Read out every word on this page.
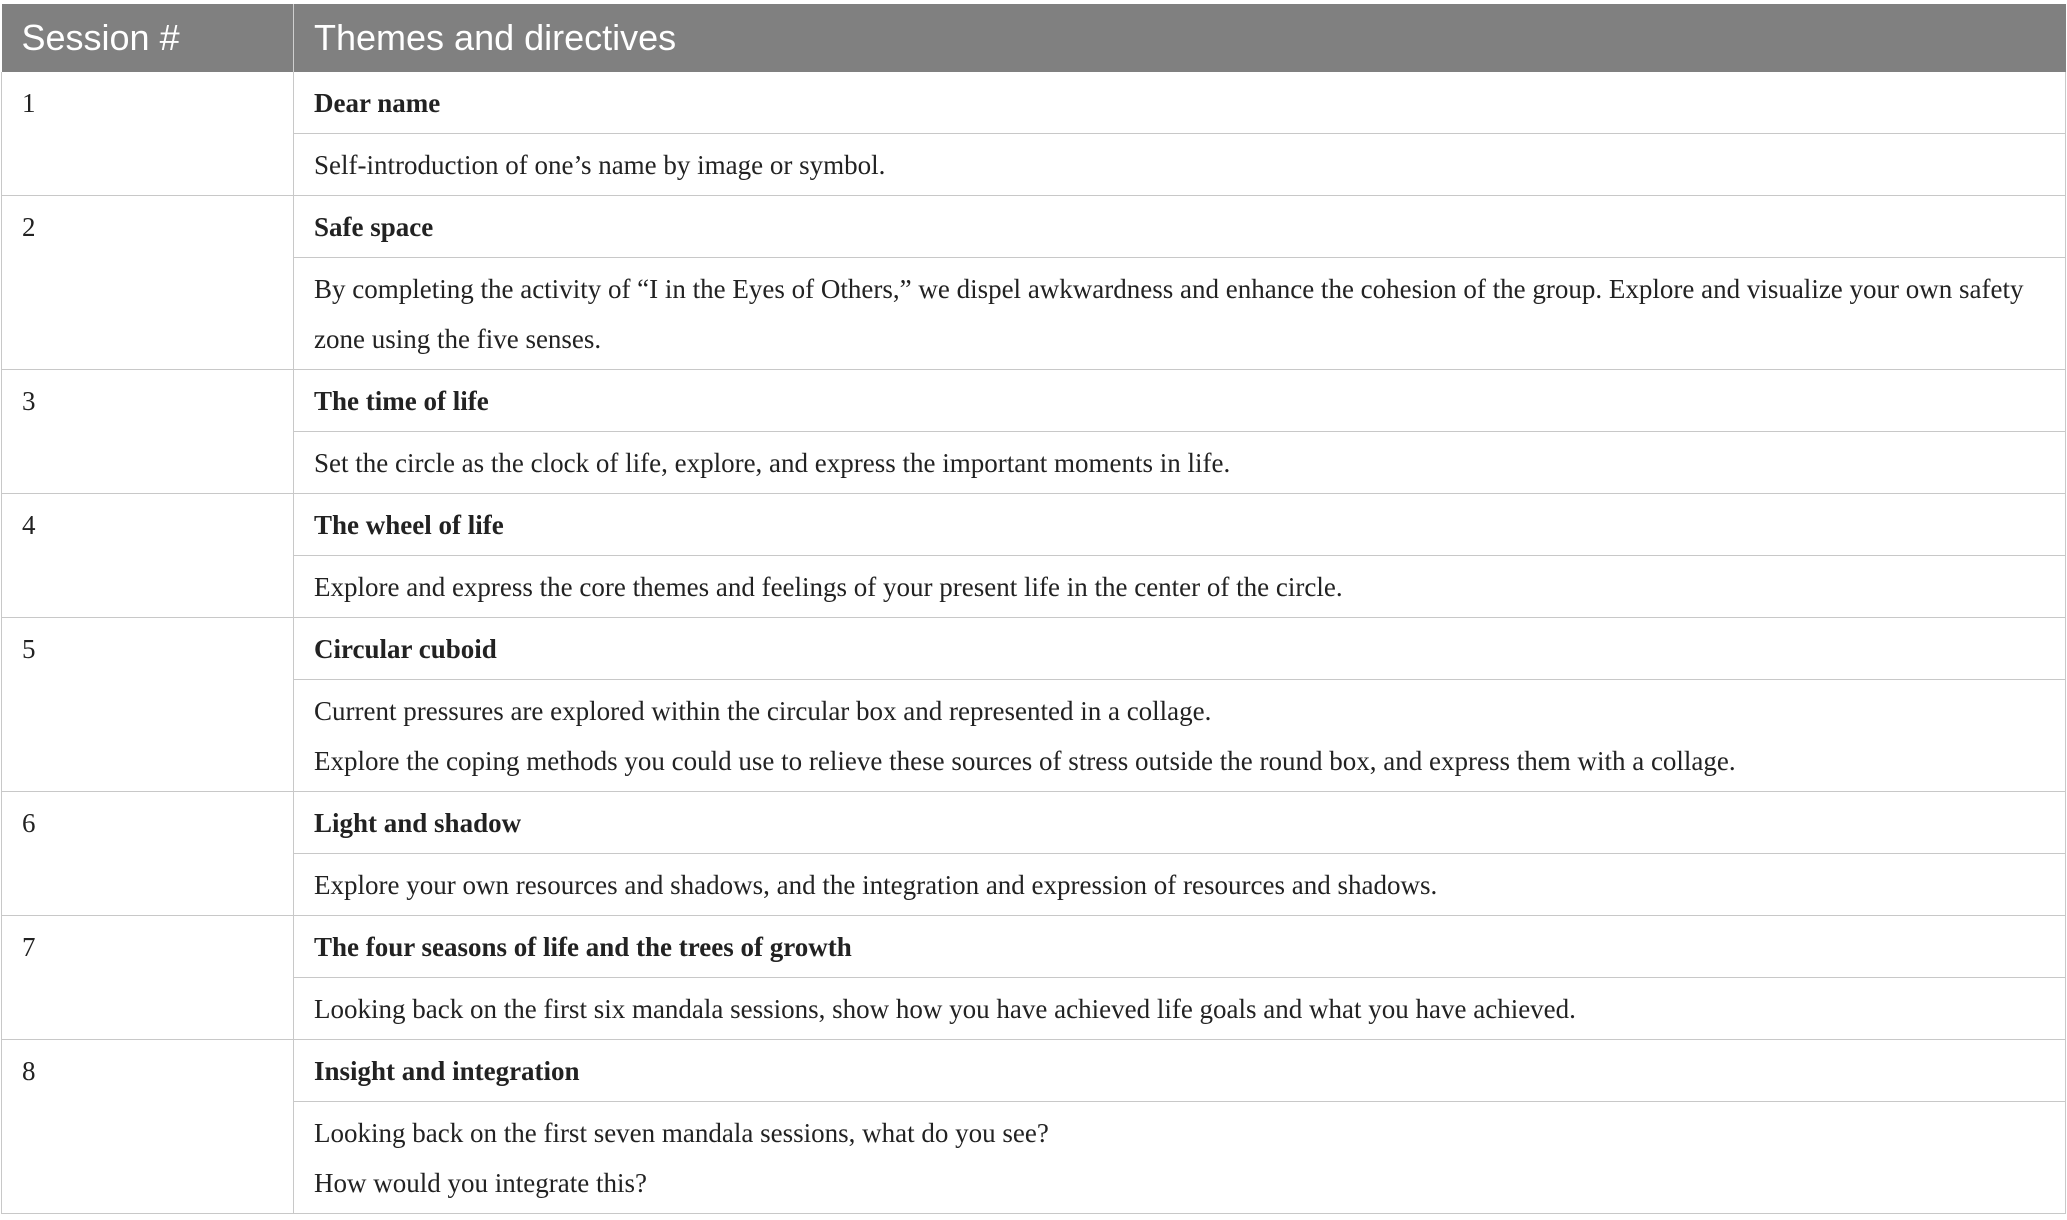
Session #	Themes and directives
1	Dear name

	Self-introduction of one’s name by image or symbol.

2	Safe space

	By completing the activity of “I in the Eyes of Others,” we dispel awkwardness and enhance the cohesion of the group. Explore and visualize your own safety zone using the five senses.

3	The time of life

	Set the circle as the clock of life, explore, and express the important moments in life.

4	The wheel of life

	Explore and express the core themes and feelings of your present life in the center of the circle.

5	Circular cuboid

	Current pressures are explored within the circular box and represented in a collage.
Explore the coping methods you could use to relieve these sources of stress outside the round box, and express them with a collage.

6	Light and shadow

	Explore your own resources and shadows, and the integration and expression of resources and shadows.

7	The four seasons of life and the trees of growth

	Looking back on the first six mandala sessions, show how you have achieved life goals and what you have achieved.

8	Insight and integration

	Looking back on the first seven mandala sessions, what do you see?
How would you integrate this?
